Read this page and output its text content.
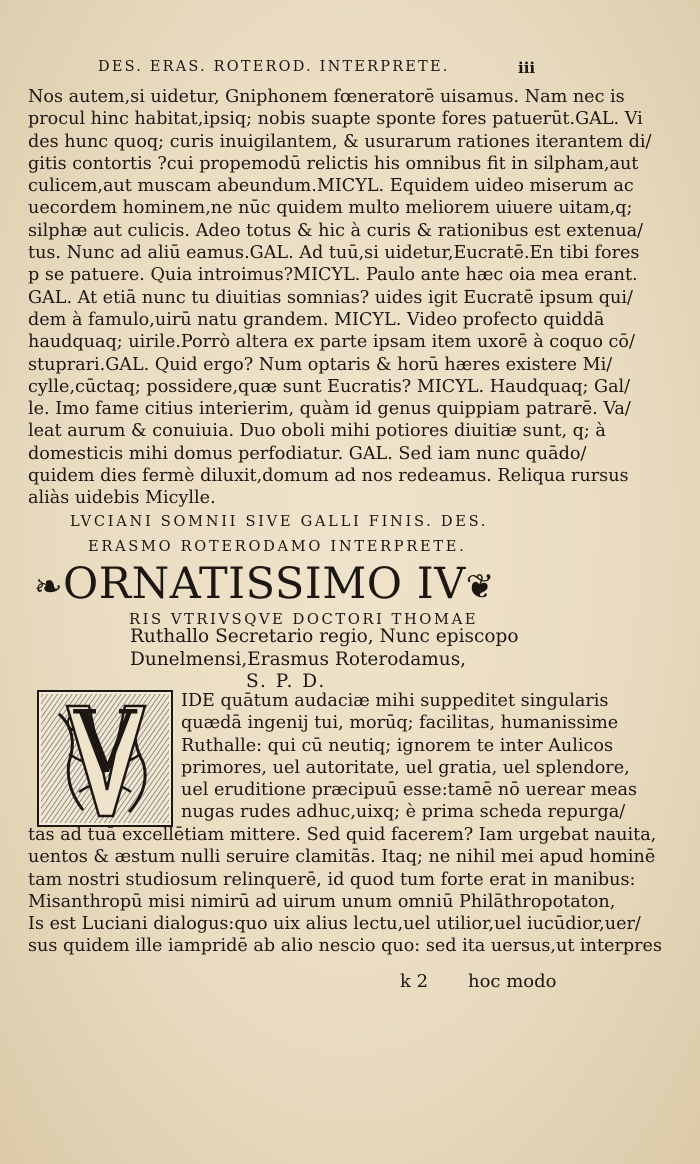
DES. ERAS. ROTEROD. INTERPRETE.	iii
Nos autem,si uidetur, Gniphonem fœneratorē uisamus. Nam nec is
procul hinc habitat,ipsiq; nobis suapte sponte fores patuerūt.GAL. Vi
des hunc quoq; curis inuigilantem, & usurarum rationes iterantem di/
gitis contortis ?cui propemodū relictis his omnibus fit in silpham,aut
culicem,aut muscam abeundum.MICYL. Equidem uideo miserum ac
uecordem hominem,ne nūc quidem multo meliorem uiuere uitam,q;
silphæ aut culicis. Adeo totus & hic à curis & rationibus est extenua/
tus. Nunc ad aliū eamus.GAL. Ad tuū,si uidetur,Eucratē.En tibi fores
p se patuere. Quia introimus?MICYL. Paulo ante hæc oia mea erant.
GAL. At etiā nunc tu diuitias somnias? uides igit Eucratē ipsum qui/
dem à famulo,uirū natu grandem. MICYL. Video profecto quiddā
haudquaq; uirile.Porrò altera ex parte ipsam item uxorē à coquo cō/
stuprari.GAL. Quid ergo? Num optaris & horū hæres existere Mi/
cylle,cūctaq; possidere,quæ sunt Eucratis? MICYL. Haudquaq; Gal/
le. Imo fame citius interierim, quàm id genus quippiam patrarē. Va/
leat aurum & conuiuia. Duo oboli mihi potiores diuitiæ sunt, q; à
domesticis mihi domus perfodiatur. GAL. Sed iam nunc quādo/
quidem dies fermè diluxit,domum ad nos redeamus. Reliqua rursus
aliàs uidebis Micylle.
LVCIANI SOMNII SIVE GALLI FINIS. DES.
ERASMO ROTERODAMO INTERPRETE.
❧ORNATISSIMO IV❦
RIS VTRIVSQVE DOCTORI THOMAE
Ruthallo Secretario regio, Nunc episcopo
Dunelmensi,Erasmus Roterodamus,
S. P. D.
V	IDE quātum audaciæ mihi suppeditet singularis
quædā ingenij tui, morūq; facilitas, humanissime
Ruthalle: qui cū neutiq; ignorem te inter Aulicos
primores, uel autoritate, uel gratia, uel splendore,
uel eruditione præcipuū esse:tamē nō uerear meas
nugas rudes adhuc,uixq; è prima scheda repurga/
tas ad tuā excellētiam mittere. Sed quid facerem? Iam urgebat nauita,
uentos & æstum nulli seruire clamitās. Itaq; ne nihil mei apud hominē
tam nostri studiosum relinquerē, id quod tum forte erat in manibus:
Misanthropū misi nimirū ad uirum unum omniū Philāthropotaton,
Is est Luciani dialogus:quo uix alius lectu,uel utilior,uel iucūdior,uer/
sus quidem ille iampridē ab alio nescio quo: sed ita uersus,ut interpres
k 2 hoc modo
